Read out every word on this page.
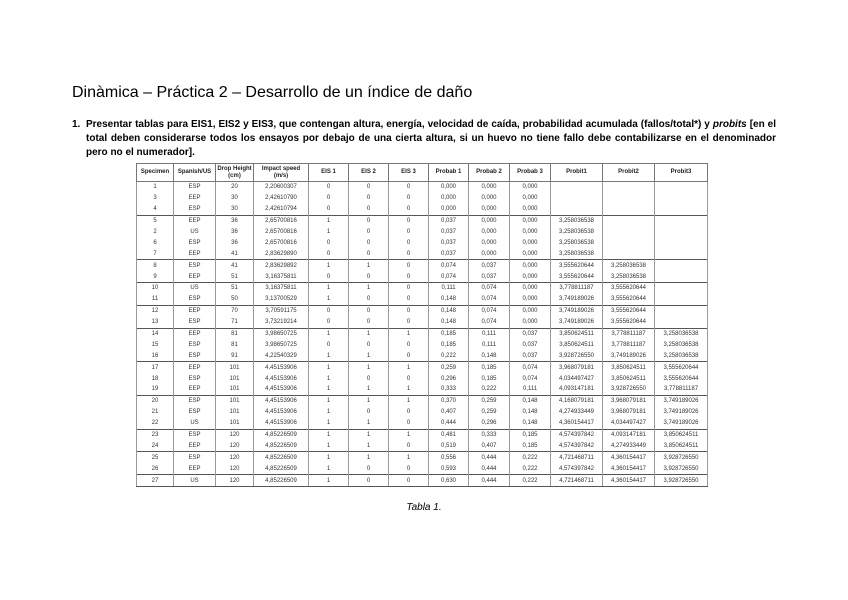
Dinàmica – Práctica 2 – Desarrollo de un índice de daño
1. Presentar tablas para EIS1, EIS2 y EIS3, que contengan altura, energía, velocidad de caída, probabilidad acumulada (fallos/total*) y probits [en el total deben considerarse todos los ensayos por debajo de una cierta altura, si un huevo no tiene fallo debe contabilizarse en el denominador pero no el numerador].
Specimen	Spanish/US	Drop Height (cm)	Impact speed (m/s)	EIS 1	EIS 2	EIS 3	Probab 1	Probab 2	Probab 3	Probit1	Probit2	Probit3
1	ESP	20	2,20600307	0	0	0	0,000	0,000	0,000			
3	EEP	30	2,42610790	0	0	0	0,000	0,000	0,000			
4	ESP	30	2,42610794	0	0	0	0,000	0,000	0,000			
5	EEP	36	2,65700816	1	0	0	0,037	0,000	0,000	3,258036538		
2	US	36	2,65700816	1	0	0	0,037	0,000	0,000	3,258036538		
6	ESP	36	2,65700816	0	0	0	0,037	0,000	0,000	3,258036538		
7	EEP	41	2,83629890	0	0	0	0,037	0,000	0,000	3,258036538		
8	ESP	41	2,83629892	1	1	0	0,074	0,037	0,000	3,555620644	3,258036538	
9	EEP	51	3,16375811	0	0	0	0,074	0,037	0,000	3,555620644	3,258036538	
10	US	51	3,16375811	1	1	0	0,111	0,074	0,000	3,778811187	3,555620644	
11	ESP	50	3,13700529	1	0	0	0,148	0,074	0,000	3,749189026	3,555620644	
12	EEP	70	3,70591175	0	0	0	0,148	0,074	0,000	3,749189026	3,555620644	
13	ESP	71	3,73219214	0	0	0	0,148	0,074	0,000	3,749189026	3,555620644	
14	EEP	81	3,98650725	1	1	1	0,185	0,111	0,037	3,850624511	3,778811187	3,258036538
15	ESP	81	3,98650725	0	0	0	0,185	0,111	0,037	3,850624511	3,778811187	3,258036538
16	ESP	91	4,22540329	1	1	0	0,222	0,148	0,037	3,928726550	3,749189026	3,258036538
17	EEP	101	4,45153906	1	1	1	0,259	0,185	0,074	3,968079181	3,850624511	3,555620644
18	ESP	101	4,45153906	1	0	0	0,296	0,185	0,074	4,034497427	3,850624511	3,555620644
19	EEP	101	4,45153906	1	1	1	0,333	0,222	0,111	4,093147181	3,928726550	3,778811187
20	ESP	101	4,45153906	1	1	1	0,370	0,259	0,148	4,168079181	3,968079181	3,749189026
21	ESP	101	4,45153906	1	0	0	0,407	0,259	0,148	4,274933449	3,968079181	3,749189026
22	US	101	4,45153906	1	1	0	0,444	0,296	0,148	4,360154417	4,034497427	3,749189026
23	ESP	120	4,85226509	1	1	1	0,481	0,333	0,185	4,574397842	4,093147181	3,850624511
24	EEP	120	4,85226509	1	1	0	0,519	0,407	0,185	4,574397842	4,274933449	3,850624511
25	ESP	120	4,85226509	1	1	1	0,556	0,444	0,222	4,721468711	4,360154417	3,928726550
26	EEP	120	4,85226509	1	0	0	0,593	0,444	0,222	4,574397842	4,360154417	3,928726550
27	US	120	4,85226509	1	0	0	0,630	0,444	0,222	4,721468711	4,360154417	3,928726550
Tabla 1.
